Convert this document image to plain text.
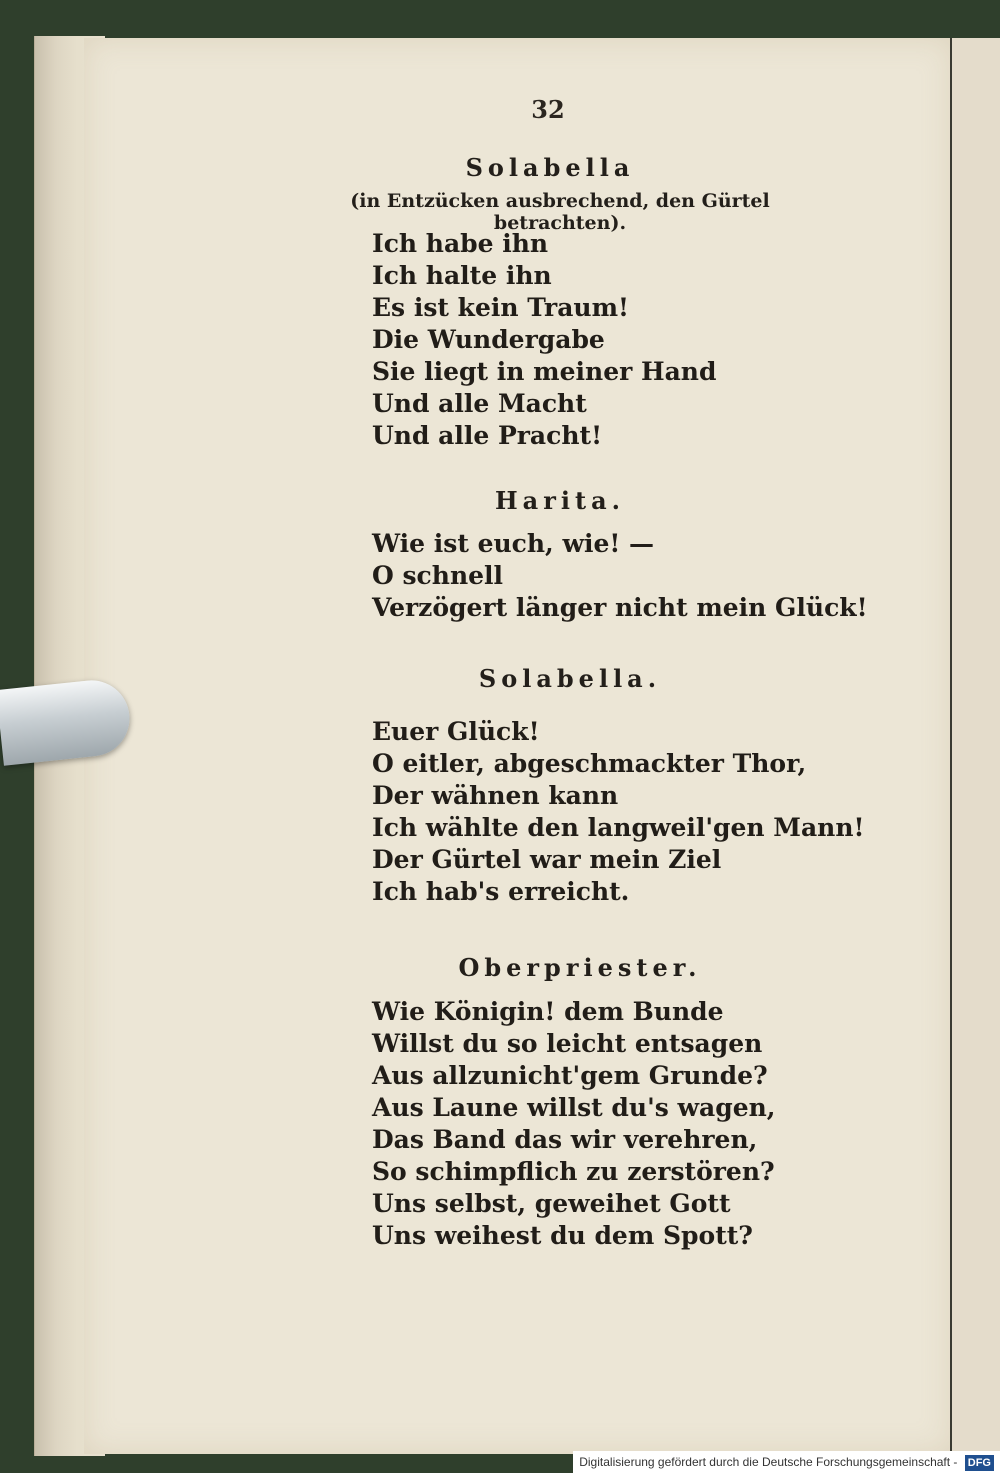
32
Solabella
(in Entzücken ausbrechend, den Gürtel betrachten).
Ich habe ihn
Ich halte ihn
Es ist kein Traum!
Die Wundergabe
Sie liegt in meiner Hand
Und alle Macht
Und alle Pracht!
Harita.
Wie ist euch, wie! —
O schnell
Verzögert länger nicht mein Glück!
Solabella.
Euer Glück!
O eitler, abgeschmackter Thor,
Der wähnen kann
Ich wählte den langweil'gen Mann!
Der Gürtel war mein Ziel
Ich hab's erreicht.
Oberpriester.
Wie Königin! dem Bunde
Willst du so leicht entsagen
Aus allzunicht'gem Grunde?
Aus Laune willst du's wagen,
Das Band das wir verehren,
So schimpflich zu zerstören?
Uns selbst, geweihet Gott
Uns weihest du dem Spott?
Digitalisierung gefördert durch die Deutsche Forschungsgemeinschaft - DFG
